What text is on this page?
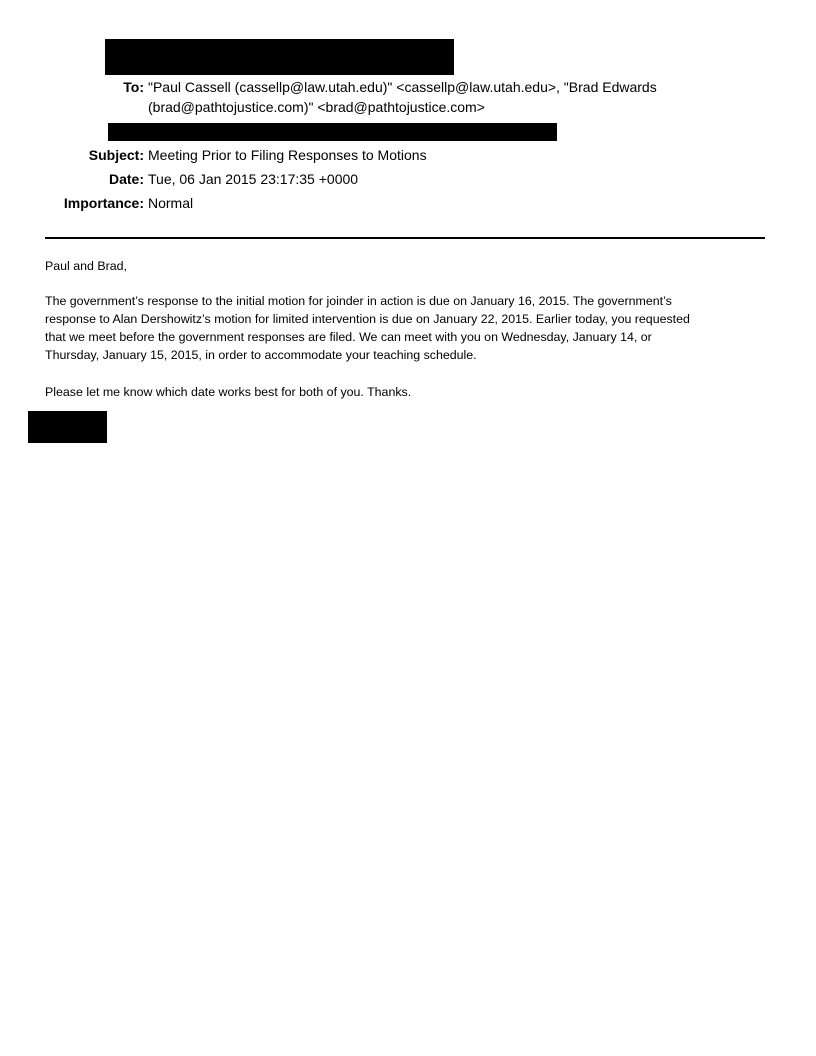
To: "Paul Cassell (cassellp@law.utah.edu)" <cassellp@law.utah.edu>, "Brad Edwards
(brad@pathtojustice.com)" <brad@pathtojustice.com>
Subject: Meeting Prior to Filing Responses to Motions
Date: Tue, 06 Jan 2015 23:17:35 +0000
Importance: Normal
Paul and Brad,
The government’s response to the initial motion for joinder in action is due on January 16, 2015. The government’s
response to Alan Dershowitz’s motion for limited intervention is due on January 22, 2015. Earlier today, you requested
that we meet before the government responses are filed. We can meet with you on Wednesday, January 14, or
Thursday, January 15, 2015, in order to accommodate your teaching schedule.
Please let me know which date works best for both of you. Thanks.
